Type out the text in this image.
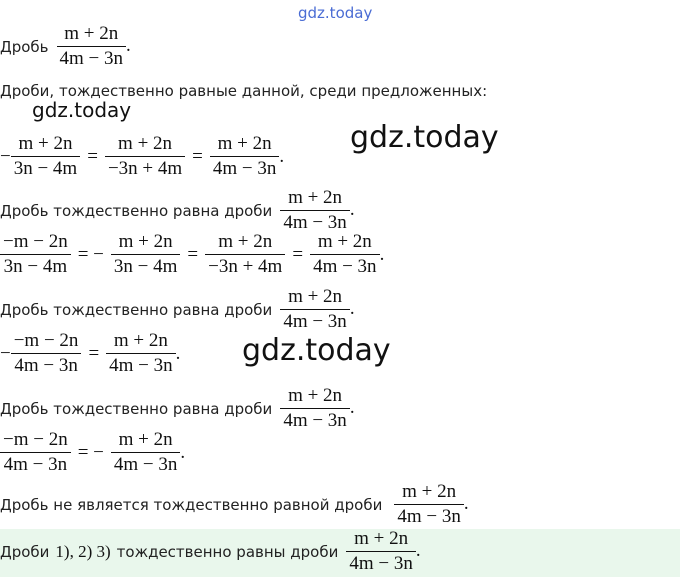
gdz.today
Дробь $\frac{m + 2n}{4m - 3n}$ .
Дроби, тождественно равные данной, среди предложенных:
gdz.today
− $\frac{m + 2n}{3n - 4m} = \frac{m + 2n}{-3n + 4m} = \frac{m + 2n}{4m - 3n}$ .
gdz.today
Дробь тождественно равна дроби $\frac{m + 2n}{4m - 3n}$ .
$\frac{-m - 2n}{3n - 4m}$ = − $\frac{m + 2n}{3n - 4m} = \frac{m + 2n}{-3n + 4m} = \frac{m + 2n}{4m - 3n}$ .
Дробь тождественно равна дроби $\frac{m + 2n}{4m - 3n}$ .
− $\frac{-m - 2n}{4m - 3n} = \frac{m + 2n}{4m - 3n}$ . gdz.today
Дробь тождественно равна дроби $\frac{m + 2n}{4m - 3n}$ .
$\frac{-m - 2n}{4m - 3n}$ = − $\frac{m + 2n}{4m - 3n}$ .
Дробь не является тождественно равной дроби $\frac{m + 2n}{4m - 3n}$ .
Дроби 1), 2) 3) тождественно равны дроби $\frac{m + 2n}{4m - 3n}$ .
